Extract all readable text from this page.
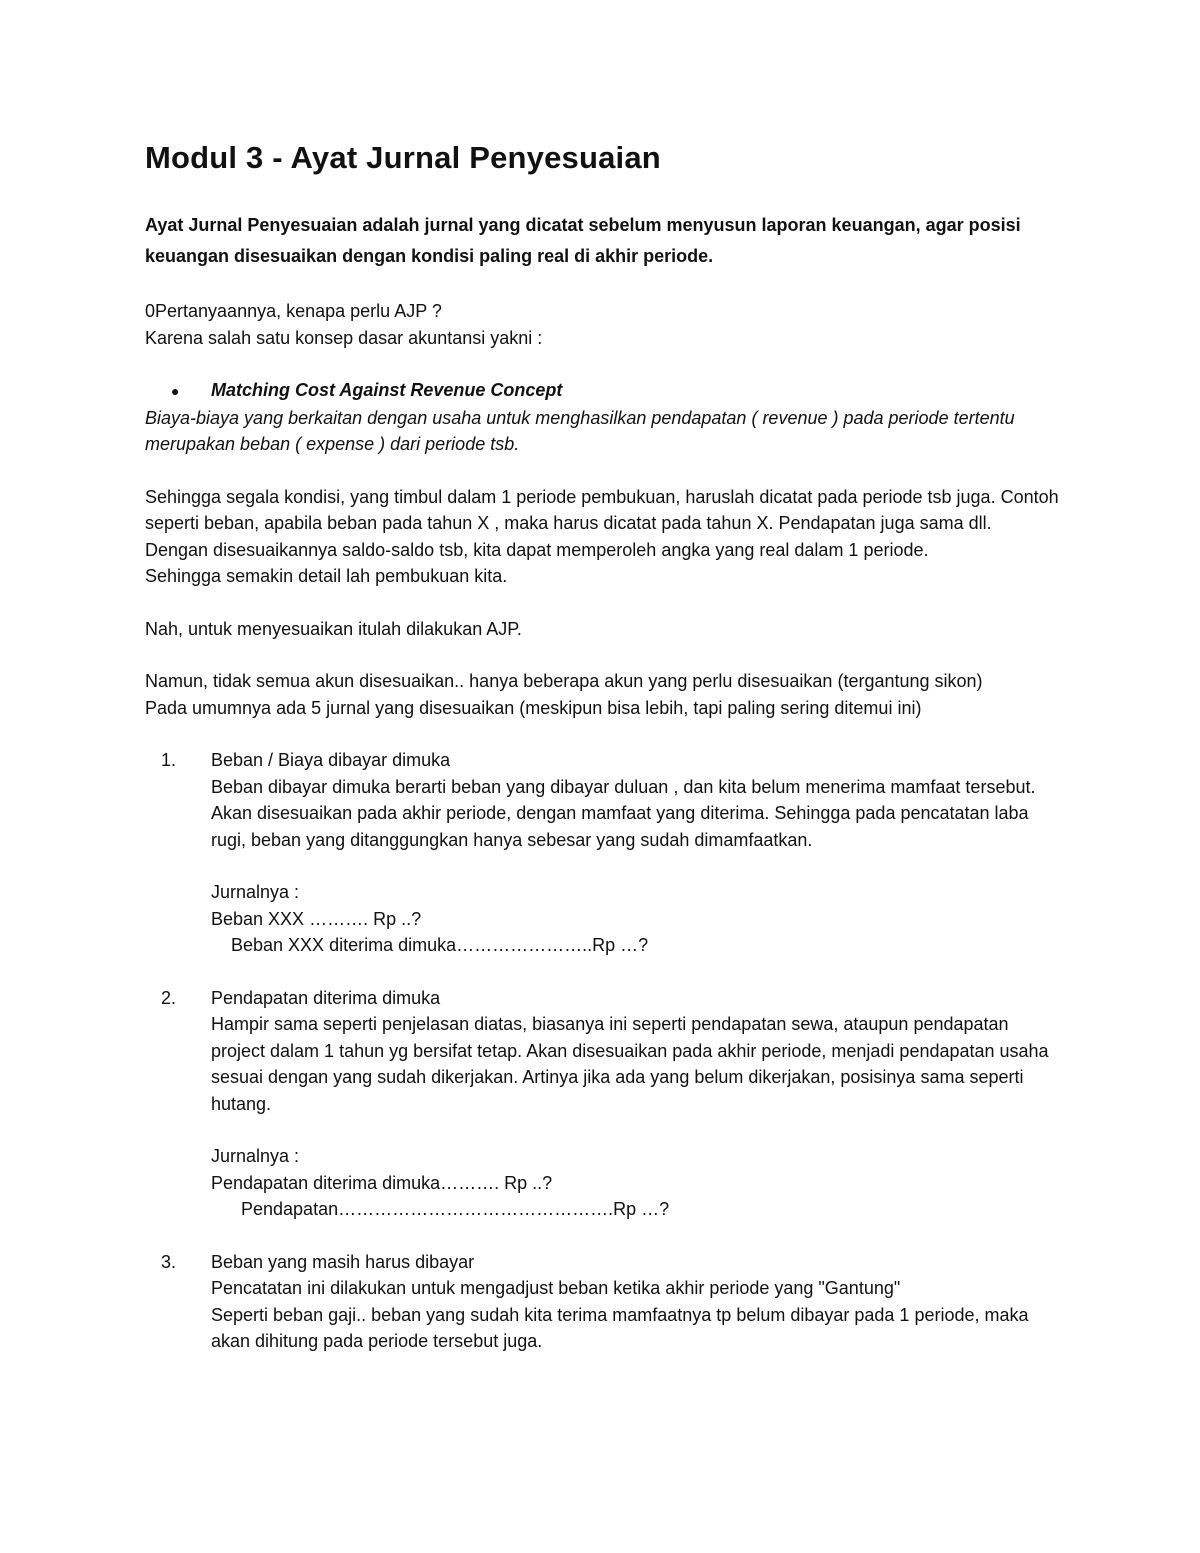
Modul 3 - Ayat Jurnal Penyesuaian

Ayat Jurnal Penyesuaian adalah jurnal yang dicatat sebelum menyusun laporan keuangan, agar posisi keuangan disesuaikan dengan kondisi paling real di akhir periode.

0Pertanyaannya, kenapa perlu AJP ?

Karena salah satu konsep dasar akuntansi yakni :

●	Matching Cost Against Revenue Concept

Biaya-biaya yang berkaitan dengan usaha untuk menghasilkan pendapatan ( revenue ) pada periode tertentu merupakan beban ( expense ) dari periode tsb.

Sehingga segala kondisi, yang timbul dalam 1 periode pembukuan, haruslah dicatat pada periode tsb juga. Contoh seperti beban, apabila beban pada tahun X , maka harus dicatat pada tahun X. Pendapatan juga sama dll.

Dengan disesuaikannya saldo-saldo tsb, kita dapat memperoleh angka yang real dalam 1 periode.

Sehingga semakin detail lah pembukuan kita.

Nah, untuk menyesuaikan itulah dilakukan AJP.

Namun, tidak semua akun disesuaikan.. hanya beberapa akun yang perlu disesuaikan (tergantung sikon)

Pada umumnya ada 5 jurnal yang disesuaikan (meskipun bisa lebih, tapi paling sering ditemui ini)

1.	Beban / Biaya dibayar dimuka

Beban dibayar dimuka berarti beban yang dibayar duluan , dan kita belum menerima mamfaat tersebut.

Akan disesuaikan pada akhir periode, dengan mamfaat yang diterima. Sehingga pada pencatatan laba rugi, beban yang ditanggungkan hanya sebesar yang sudah dimamfaatkan.

Jurnalnya :

Beban XXX ………. Rp ..?

Beban XXX diterima dimuka…………………..Rp …?

2.	Pendapatan diterima dimuka

Hampir sama seperti penjelasan diatas, biasanya ini seperti pendapatan sewa, ataupun pendapatan project dalam 1 tahun yg bersifat tetap. Akan disesuaikan pada akhir periode, menjadi pendapatan usaha sesuai dengan yang sudah dikerjakan. Artinya jika ada yang belum dikerjakan, posisinya sama seperti hutang.

Jurnalnya :

Pendapatan diterima dimuka………. Rp ..?

Pendapatan……………………………………….Rp …?

3.	Beban yang masih harus dibayar

Pencatatan ini dilakukan untuk mengadjust beban ketika akhir periode yang "Gantung"

Seperti beban gaji.. beban yang sudah kita terima mamfaatnya tp belum dibayar pada 1 periode, maka akan dihitung pada periode tersebut juga.
